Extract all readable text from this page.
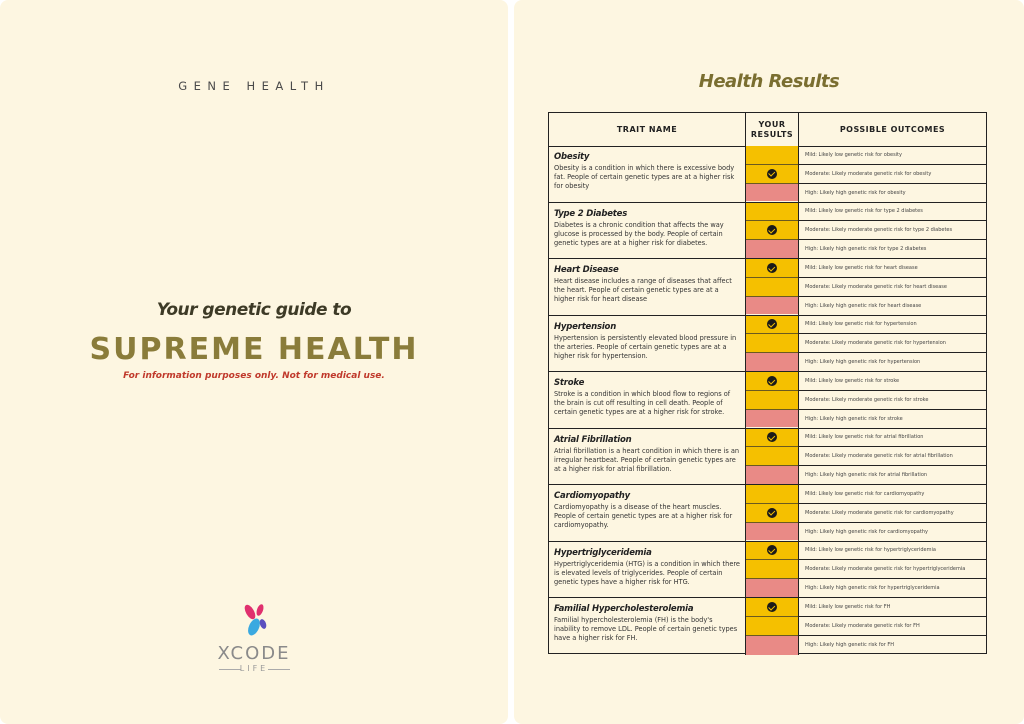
GENE HEALTH
Your genetic guide to
SUPREME HEALTH
For information purposes only. Not for medical use.
XCODE
LIFE
Health Results
TRAIT NAME
YOUR RESULTS
POSSIBLE OUTCOMES
Obesity
Obesity is a condition in which there is excessive body fat. People of certain genetic types are at a higher risk for obesity
Mild: Likely low genetic risk for obesity
Moderate: Likely moderate genetic risk for obesity
High: Likely high genetic risk for obesity
Type 2 Diabetes
Diabetes is a chronic condition that affects the way glucose is processed by the body. People of certain genetic types are at a higher risk for diabetes.
Mild: Likely low genetic risk for type 2 diabetes
Moderate: Likely moderate genetic risk for type 2 diabetes
High: Likely high genetic risk for type 2 diabetes
Heart Disease
Heart disease includes a range of diseases that affect the heart. People of certain genetic types are at a higher risk for heart disease
Mild: Likely low genetic risk for heart disease
Moderate: Likely moderate genetic risk for heart disease
High: Likely high genetic risk for heart disease
Hypertension
Hypertension is persistently elevated blood pressure in the arteries. People of certain genetic types are at a higher risk for hypertension.
Mild: Likely low genetic risk for hypertension
Moderate: Likely moderate genetic risk for hypertension
High: Likely high genetic risk for hypertension
Stroke
Stroke is a condition in which blood flow to regions of the brain is cut off resulting in cell death. People of certain genetic types are at a higher risk for stroke.
Mild: Likely low genetic risk for stroke
Moderate: Likely moderate genetic risk for stroke
High: Likely high genetic risk for stroke
Atrial Fibrillation
Atrial fibrillation is a heart condition in which there is an irregular heartbeat. People of certain genetic types are at a higher risk for atrial fibrillation.
Mild: Likely low genetic risk for atrial fibrillation
Moderate: Likely moderate genetic risk for atrial fibrillation
High: Likely high genetic risk for atrial fibrillation
Cardiomyopathy
Cardiomyopathy is a disease of the heart muscles. People of certain genetic types are at a higher risk for cardiomyopathy.
Mild: Likely low genetic risk for cardiomyopathy
Moderate: Likely moderate genetic risk for cardiomyopathy
High: Likely high genetic risk for cardiomyopathy
Hypertriglyceridemia
Hypertriglyceridemia (HTG) is a condition in which there is elevated levels of triglycerides. People of certain genetic types have a higher risk for HTG.
Mild: Likely low genetic risk for hypertriglyceridemia
Moderate: Likely moderate genetic risk for hypertriglyceridemia
High: Likely high genetic risk for hypertriglyceridemia
Familial Hypercholesterolemia
Familial hypercholesterolemia (FH) is the body's inability to remove LDL. People of certain genetic types have a higher risk for FH.
Mild: Likely low genetic risk for FH
Moderate: Likely moderate genetic risk for FH
High: Likely high genetic risk for FH
